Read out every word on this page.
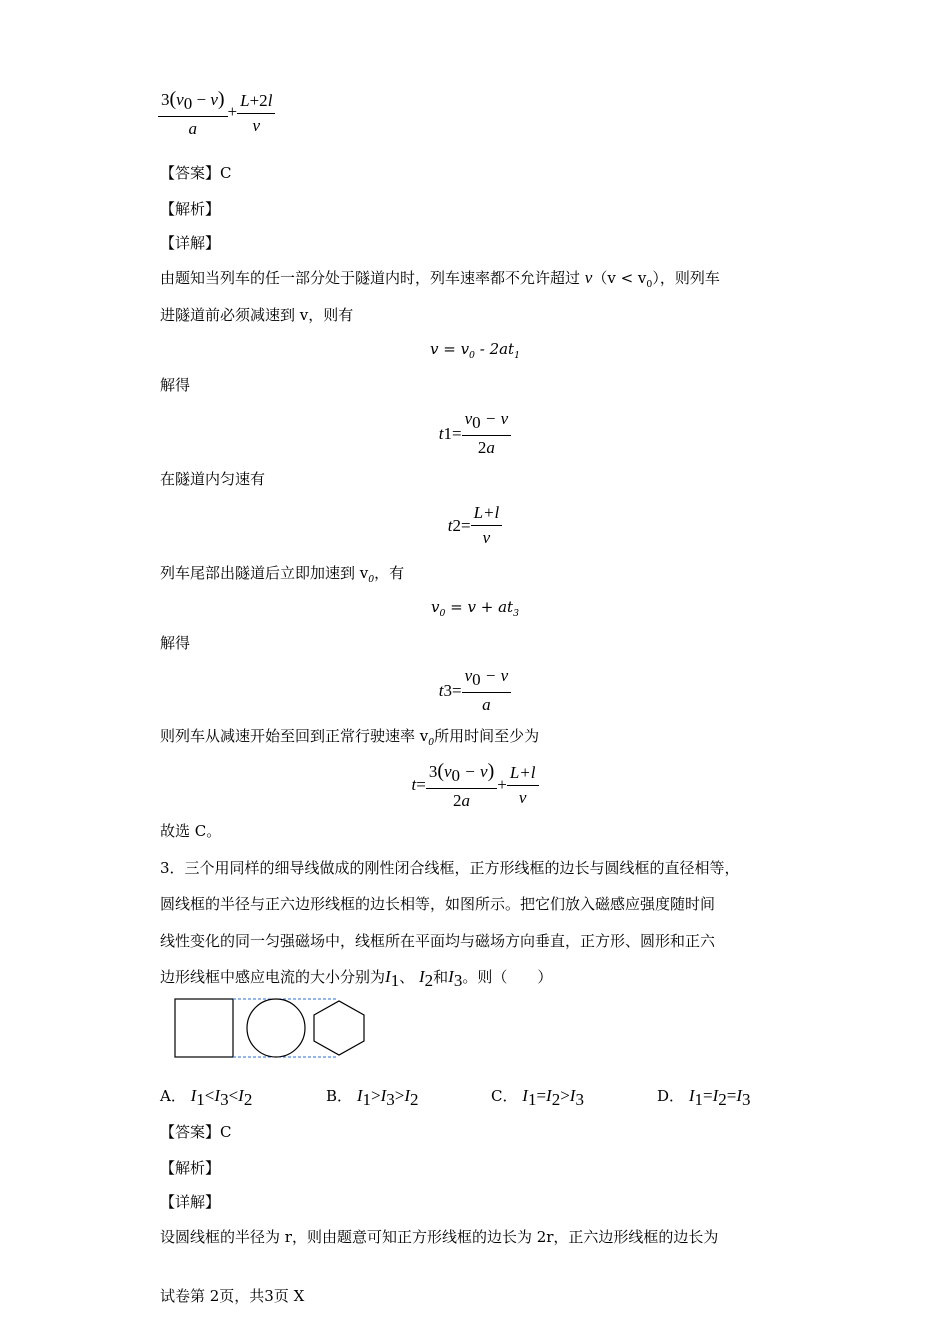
$\frac{3(v_0 - v)}{a} + \frac{L+2l}{v}$
【答案】C
【解析】
【详解】
由题知当列车的任一部分处于隧道内时，列车速率都不允许超过 $v(v < v_0)$，则列车
进隧道前必须减速到 v，则有
$v = v_0 - 2at_1$
解得
t $1 = \frac{v_0 - v}{2a}$
在隧道内匀速有
t $2 = \frac{L+l}{v}$
列车尾部出隧道后立即加速到 $v_0$，有
$v_0 = v + at_3$
解得
t $3 = \frac{v_0 - v}{a}$
则列车从减速开始至回到正常行驶速率 $v_0$所用时间至少为
$t = \frac{3(v_0 - v)}{2a} + \frac{L+l}{v}$
故选 C。
3．三个用同样的细导线做成的刚性闭合线框，正方形线框的边长与圆线框的直径相等，
圆线框的半径与正六边形线框的边长相等，如图所示。把它们放入磁感应强度随时间
线性变化的同一匀强磁场中，线框所在平面均与磁场方向垂直，正方形、圆形和正六
边形线框中感应电流的大小分别为$I_1$、 $I_2$和$I_3$。则（　　）
A． $I_1<I_3<I_2$	B． $I_1>I_3>I_2$	C． $I_1=I_2>I_3$	D． $I_1=I_2=I_3$
【答案】C
【解析】
【详解】
设圆线框的半径为 r，则由题意可知正方形线框的边长为 2r，正六边形线框的边长为
试卷第 2页，共3页 X
